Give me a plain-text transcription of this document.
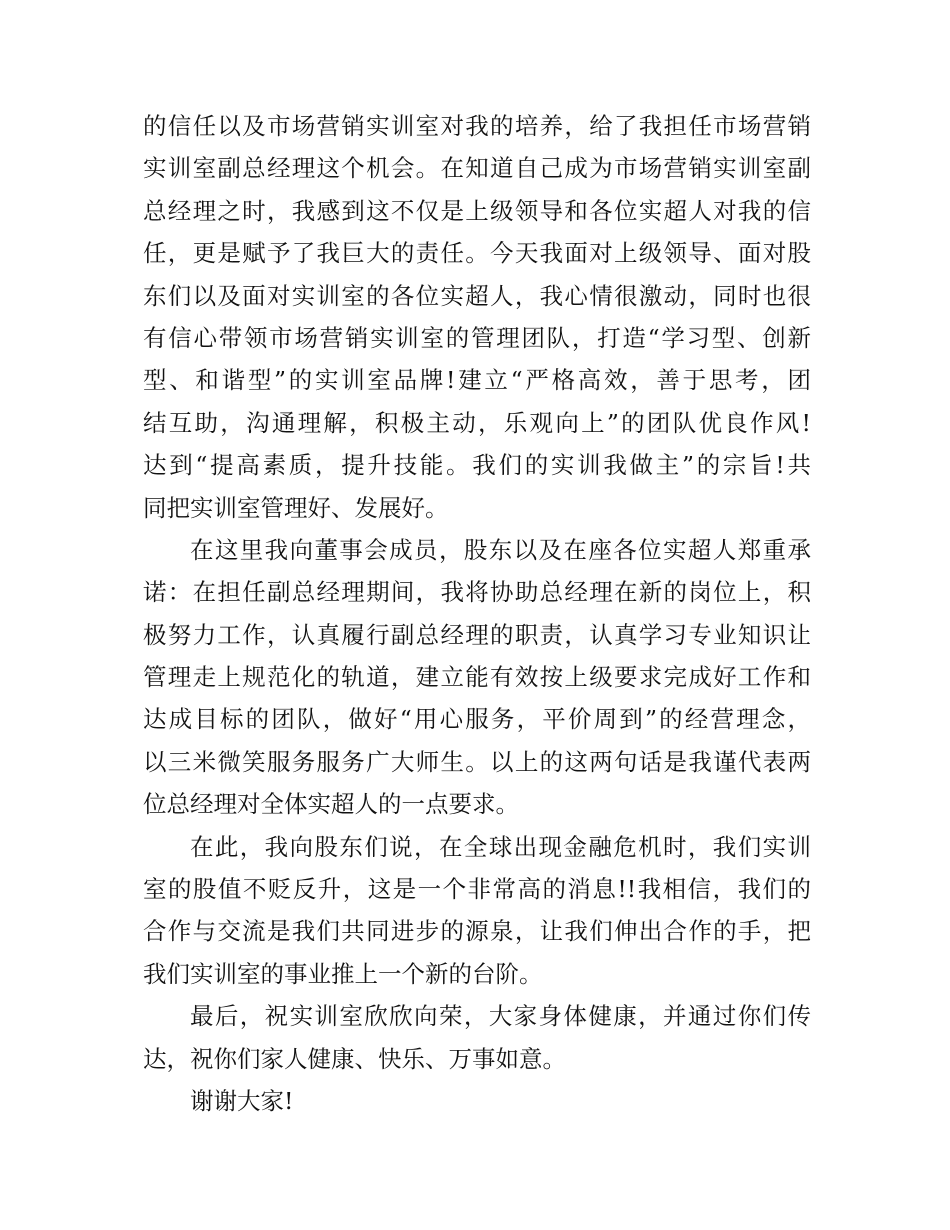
的信任以及市场营销实训室对我的培养，给了我担任市场营销
实训室副总经理这个机会。在知道自己成为市场营销实训室副
总经理之时，我感到这不仅是上级领导和各位实超人对我的信
任，更是赋予了我巨大的责任。今天我面对上级领导、面对股
东们以及面对实训室的各位实超人，我心情很激动，同时也很
有信心带领市场营销实训室的管理团队，打造“学习型、创新
型、和谐型”的实训室品牌!建立“严格高效，善于思考，团
结互助，沟通理解，积极主动，乐观向上”的团队优良作风!
达到“提高素质，提升技能。我们的实训我做主”的宗旨!共
同把实训室管理好、发展好。
在这里我向董事会成员，股东以及在座各位实超人郑重承
诺：在担任副总经理期间，我将协助总经理在新的岗位上，积
极努力工作，认真履行副总经理的职责，认真学习专业知识让
管理走上规范化的轨道，建立能有效按上级要求完成好工作和
达成目标的团队，做好“用心服务，平价周到”的经营理念，
以三米微笑服务服务广大师生。以上的这两句话是我谨代表两
位总经理对全体实超人的一点要求。
在此，我向股东们说，在全球出现金融危机时，我们实训
室的股值不贬反升，这是一个非常高的消息!!我相信，我们的
合作与交流是我们共同进步的源泉，让我们伸出合作的手，把
我们实训室的事业推上一个新的台阶。
最后，祝实训室欣欣向荣，大家身体健康，并通过你们传
达，祝你们家人健康、快乐、万事如意。
谢谢大家!
